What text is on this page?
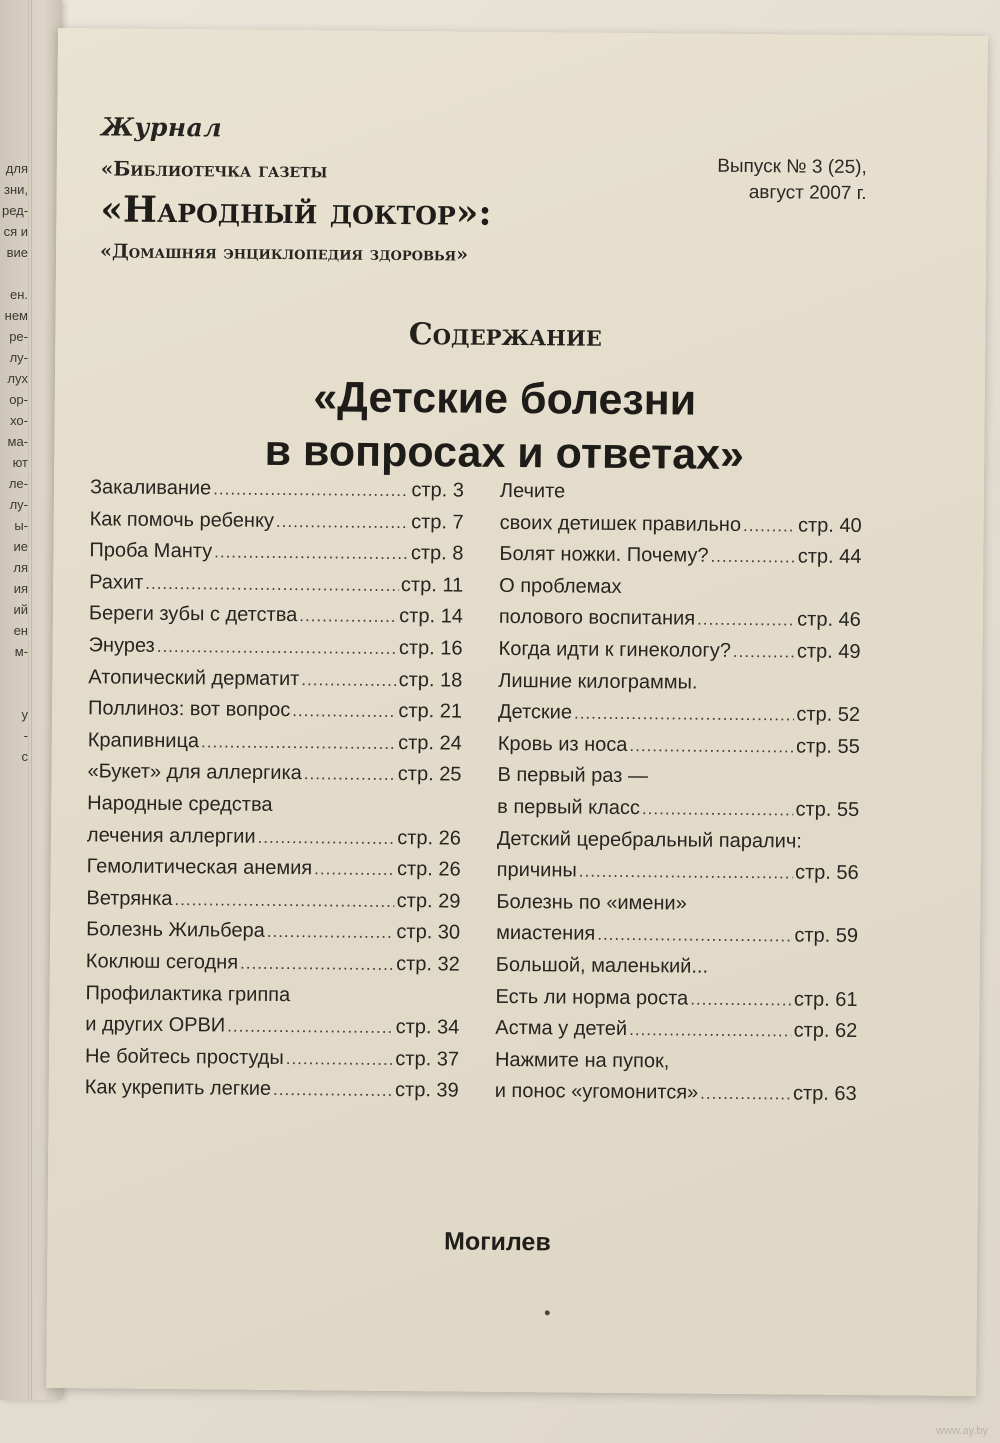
для
зни,
ред-
ся и
вие
ен.
нем
ре-
лу-
лух
ор-
хо-
ма-
ют
ле-
лу-
ы-
ие
ля
ия
ий
ен
м-
у
-
с
Журнал
«Библиотечка газеты
«Народный доктор»:
«Домашняя энциклопедия здоровья»
Выпуск № 3 (25),
август 2007 г.
Содержание
«Детские болезни
в вопросах и ответах»
Закаливание .....	стр. 3
Как помочь ребенку .....	стр. 7
Проба Манту .....	стр. 8
Рахит .....	стр. 11
Береги зубы с детства .....	стр. 14
Энурез .....	стр. 16
Атопический дерматит .....	стр. 18
Поллиноз: вот вопрос .....	стр. 21
Крапивница .....	стр. 24
«Букет» для аллергика .....	стр. 25
Народные средства
лечения аллергии .....	стр. 26
Гемолитическая анемия .....	стр. 26
Ветрянка .....	стр. 29
Болезнь Жильбера .....	стр. 30
Коклюш сегодня .....	стр. 32
Профилактика гриппа
и других ОРВИ .....	стр. 34
Не бойтесь простуды .....	стр. 37
Как укрепить легкие .....	стр. 39
Лечите
своих детишек правильно .....	стр. 40
Болят ножки. Почему? .....	стр. 44
О проблемах
полового воспитания .....	стр. 46
Когда идти к гинекологу? .....	стр. 49
Лишние килограммы.
Детские .....	стр. 52
Кровь из носа .....	стр. 55
В первый раз —
в первый класс .....	стр. 55
Детский церебральный паралич:
причины .....	стр. 56
Болезнь по «имени»
миастения .....	стр. 59
Большой, маленький...
Есть ли норма роста .....	стр. 61
Астма у детей .....	стр. 62
Нажмите на пупок,
и понос «угомонится» .....	стр. 63
Могилев
www.ay.by
